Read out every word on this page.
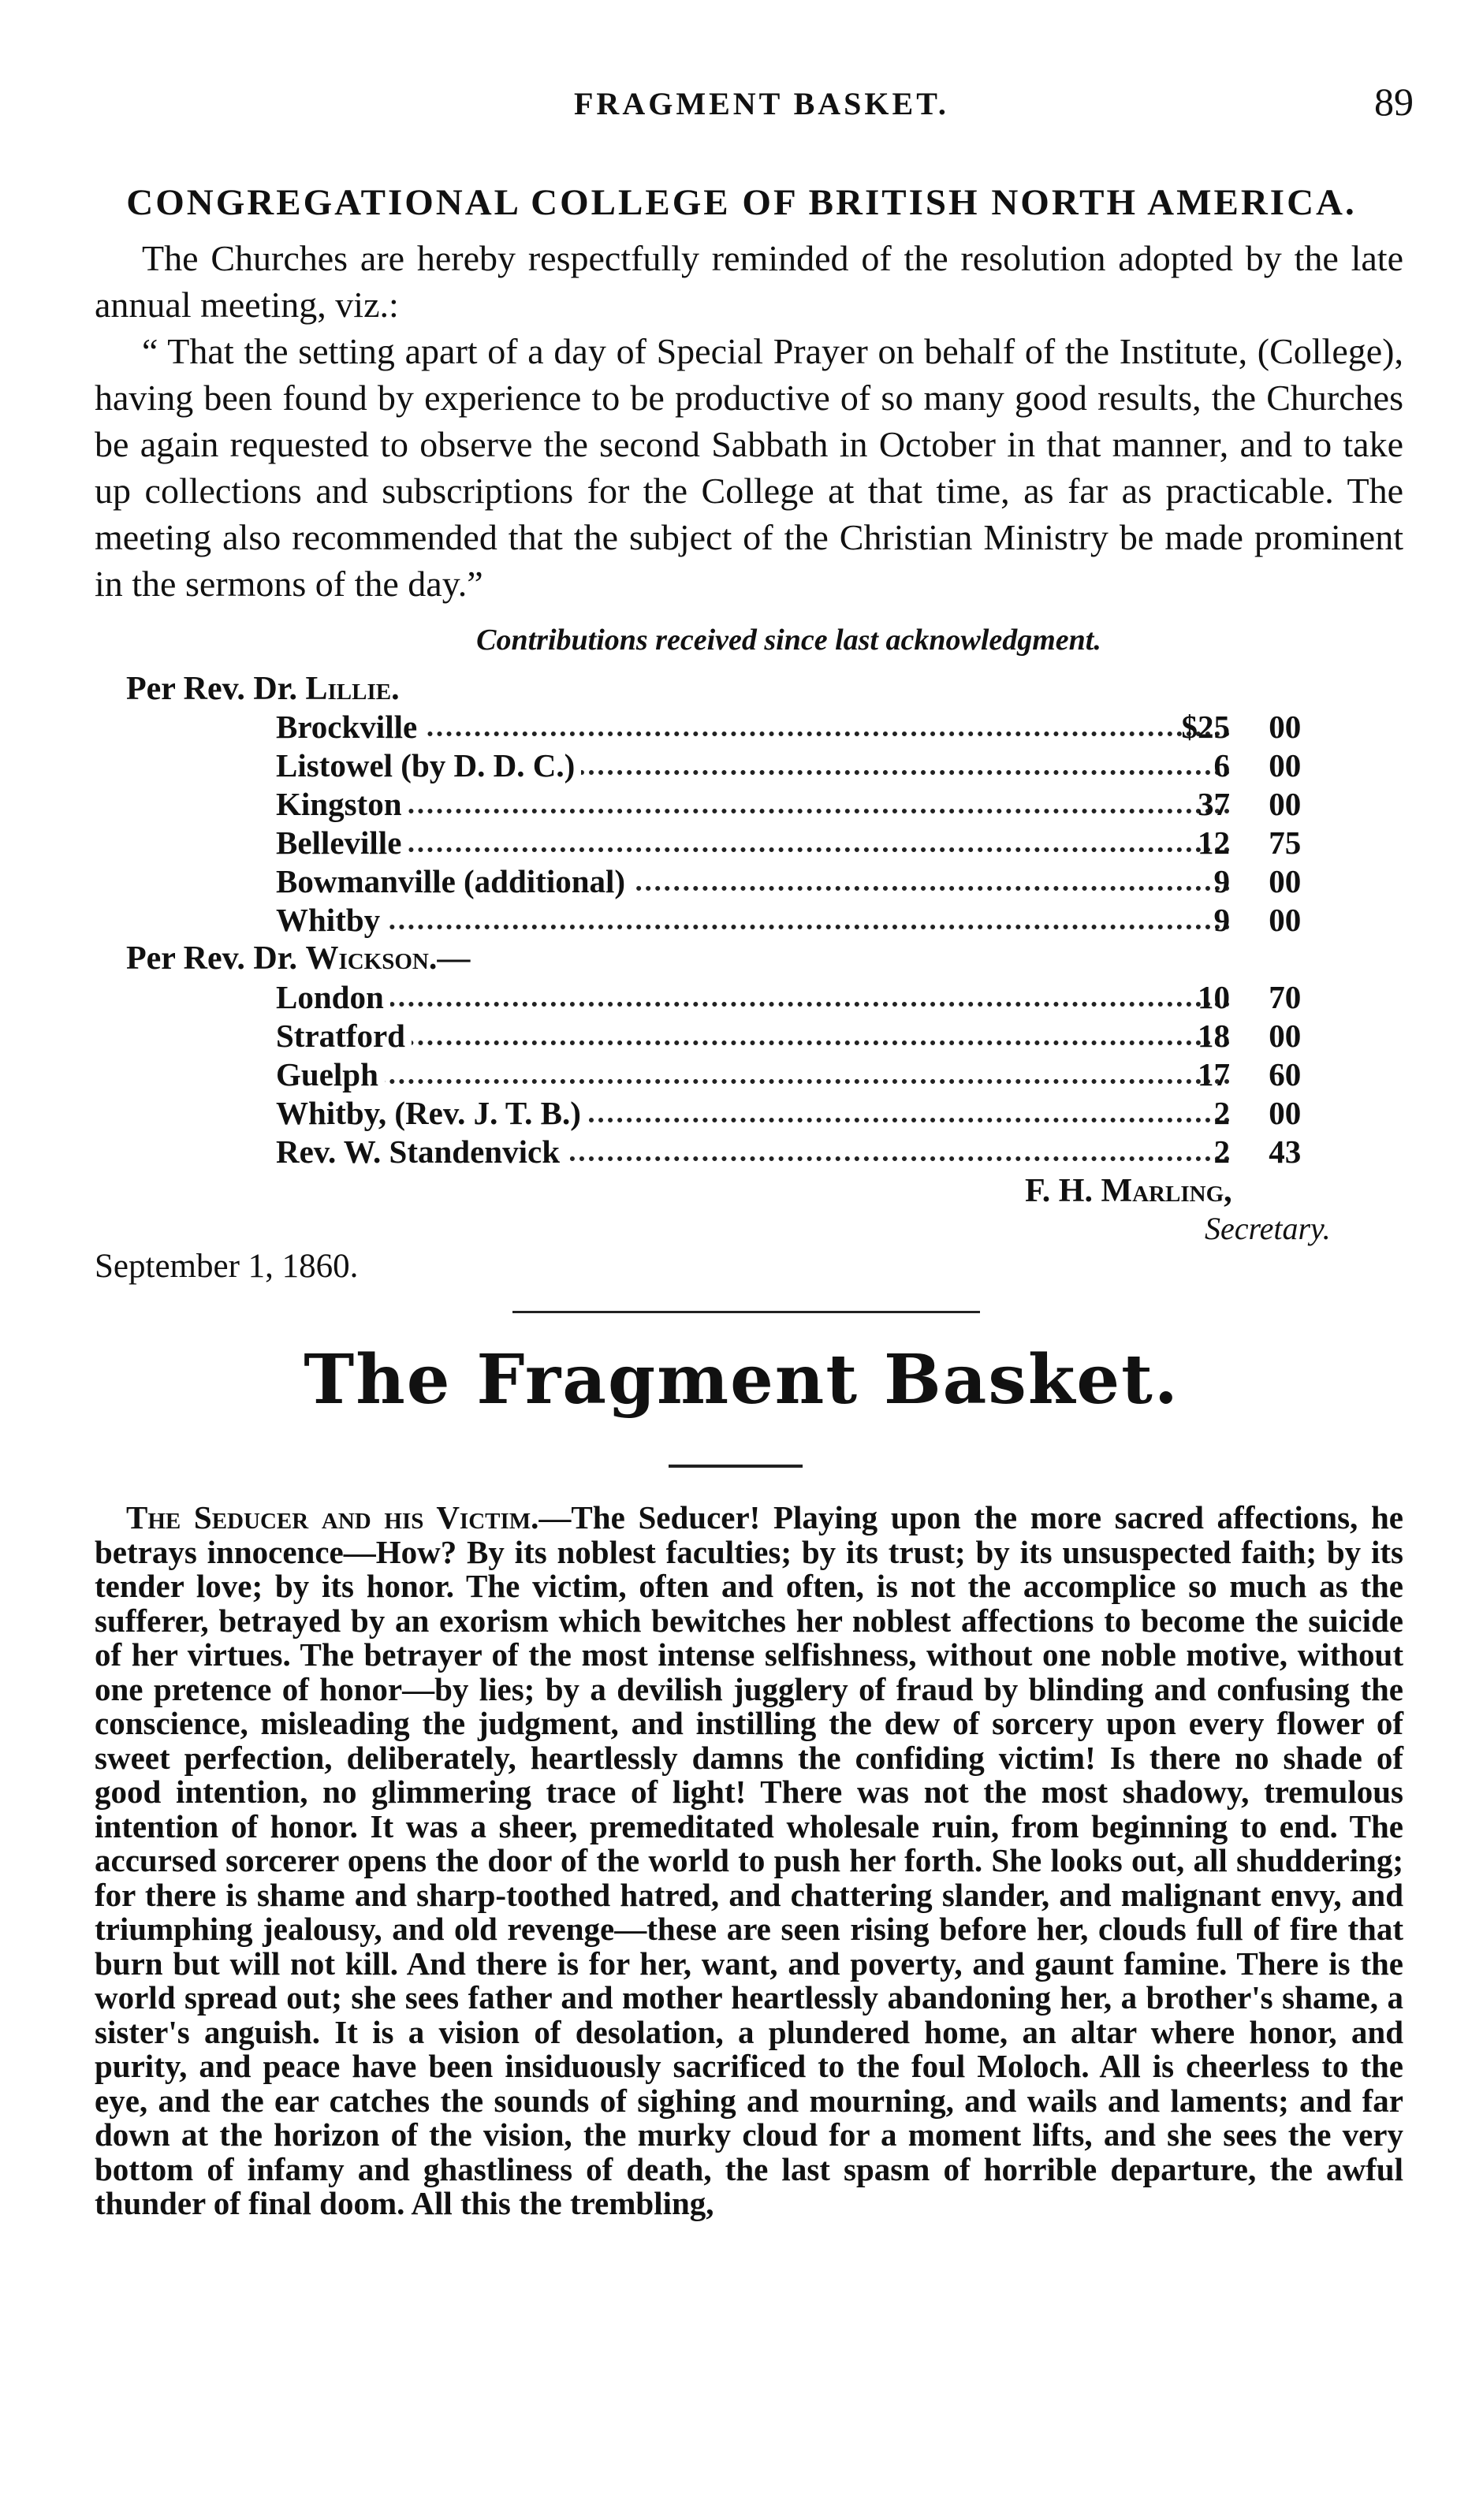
FRAGMENT BASKET.	89
CONGREGATIONAL COLLEGE OF BRITISH NORTH AMERICA.

The Churches are hereby respectfully reminded of the resolution adopted by the late annual meeting, viz.:

“ That the setting apart of a day of Special Prayer on behalf of the Institute, (College), having been found by experience to be productive of so many good results, the Churches be again requested to observe the second Sabbath in October in that manner, and to take up collections and subscriptions for the College at that time, as far as practicable. The meeting also recommended that the subject of the Christian Ministry be made prominent in the sermons of the day.”

Contributions received since last acknowledgment.
Per Rev. Dr. Lillie.
Brockville	$25 00
Listowel (by D. D. C.)	6 00
Kingston	37 00
Belleville	12 75
Bowmanville (additional)	9 00
Whitby	9 00
Per Rev. Dr. Wickson.—
London	10 70
Stratford	18 00
Guelph	17 60
Whitby, (Rev. J. T. B.)	2 00
Rev. W. Standenvick	2 43
F. H. Marling,
Secretary.
September 1, 1860.
The Fragment Basket.

The Seducer and his Victim.—The Seducer! Playing upon the more sacred affections, he betrays innocence—How? By its noblest faculties; by its trust; by its unsuspected faith; by its tender love; by its honor. The victim, often and often, is not the accomplice so much as the sufferer, betrayed by an exorism which bewitches her noblest affections to become the suicide of her virtues. The betrayer of the most intense selfishness, without one noble motive, without one pretence of honor—by lies; by a devilish jugglery of fraud by blinding and confusing the conscience, misleading the judgment, and instilling the dew of sorcery upon every flower of sweet perfection, deliberately, heartlessly damns the confiding victim! Is there no shade of good intention, no glimmering trace of light! There was not the most shadowy, tremulous intention of honor. It was a sheer, premeditated wholesale ruin, from beginning to end. The accursed sorcerer opens the door of the world to push her forth. She looks out, all shuddering; for there is shame and sharp-toothed hatred, and chattering slander, and malignant envy, and triumphing jealousy, and old revenge—these are seen rising before her, clouds full of fire that burn but will not kill. And there is for her, want, and poverty, and gaunt famine. There is the world spread out; she sees father and mother heartlessly abandoning her, a brother's shame, a sister's anguish. It is a vision of desolation, a plundered home, an altar where honor, and purity, and peace have been insiduously sacrificed to the foul Moloch. All is cheerless to the eye, and the ear catches the sounds of sighing and mourning, and wails and laments; and far down at the horizon of the vision, the murky cloud for a moment lifts, and she sees the very bottom of infamy and ghastliness of death, the last spasm of horrible departure, the awful thunder of final doom. All this the trembling,
